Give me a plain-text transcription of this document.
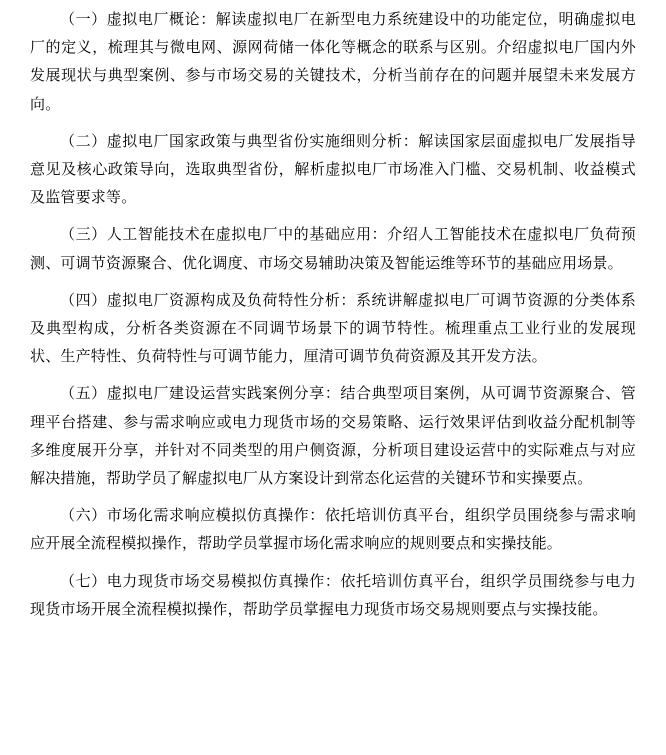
（一）虚拟电厂概论：解读虚拟电厂在新型电力系统建设中的功能定位，明确虚拟电厂的定义，梳理其与微电网、源网荷储一体化等概念的联系与区别。介绍虚拟电厂国内外发展现状与典型案例、参与市场交易的关键技术，分析当前存在的问题并展望未来发展方向。

（二）虚拟电厂国家政策与典型省份实施细则分析：解读国家层面虚拟电厂发展指导意见及核心政策导向，选取典型省份，解析虚拟电厂市场准入门槛、交易机制、收益模式及监管要求等。

（三）人工智能技术在虚拟电厂中的基础应用：介绍人工智能技术在虚拟电厂负荷预测、可调节资源聚合、优化调度、市场交易辅助决策及智能运维等环节的基础应用场景。

（四）虚拟电厂资源构成及负荷特性分析：系统讲解虚拟电厂可调节资源的分类体系及典型构成，分析各类资源在不同调节场景下的调节特性。梳理重点工业行业的发展现状、生产特性、负荷特性与可调节能力，厘清可调节负荷资源及其开发方法。

（五）虚拟电厂建设运营实践案例分享：结合典型项目案例，从可调节资源聚合、管理平台搭建、参与需求响应或电力现货市场的交易策略、运行效果评估到收益分配机制等多维度展开分享，并针对不同类型的用户侧资源，分析项目建设运营中的实际难点与对应解决措施，帮助学员了解虚拟电厂从方案设计到常态化运营的关键环节和实操要点。

（六）市场化需求响应模拟仿真操作：依托培训仿真平台，组织学员围绕参与需求响应开展全流程模拟操作，帮助学员掌握市场化需求响应的规则要点和实操技能。

（七）电力现货市场交易模拟仿真操作：依托培训仿真平台，组织学员围绕参与电力现货市场开展全流程模拟操作，帮助学员掌握电力现货市场交易规则要点与实操技能。
